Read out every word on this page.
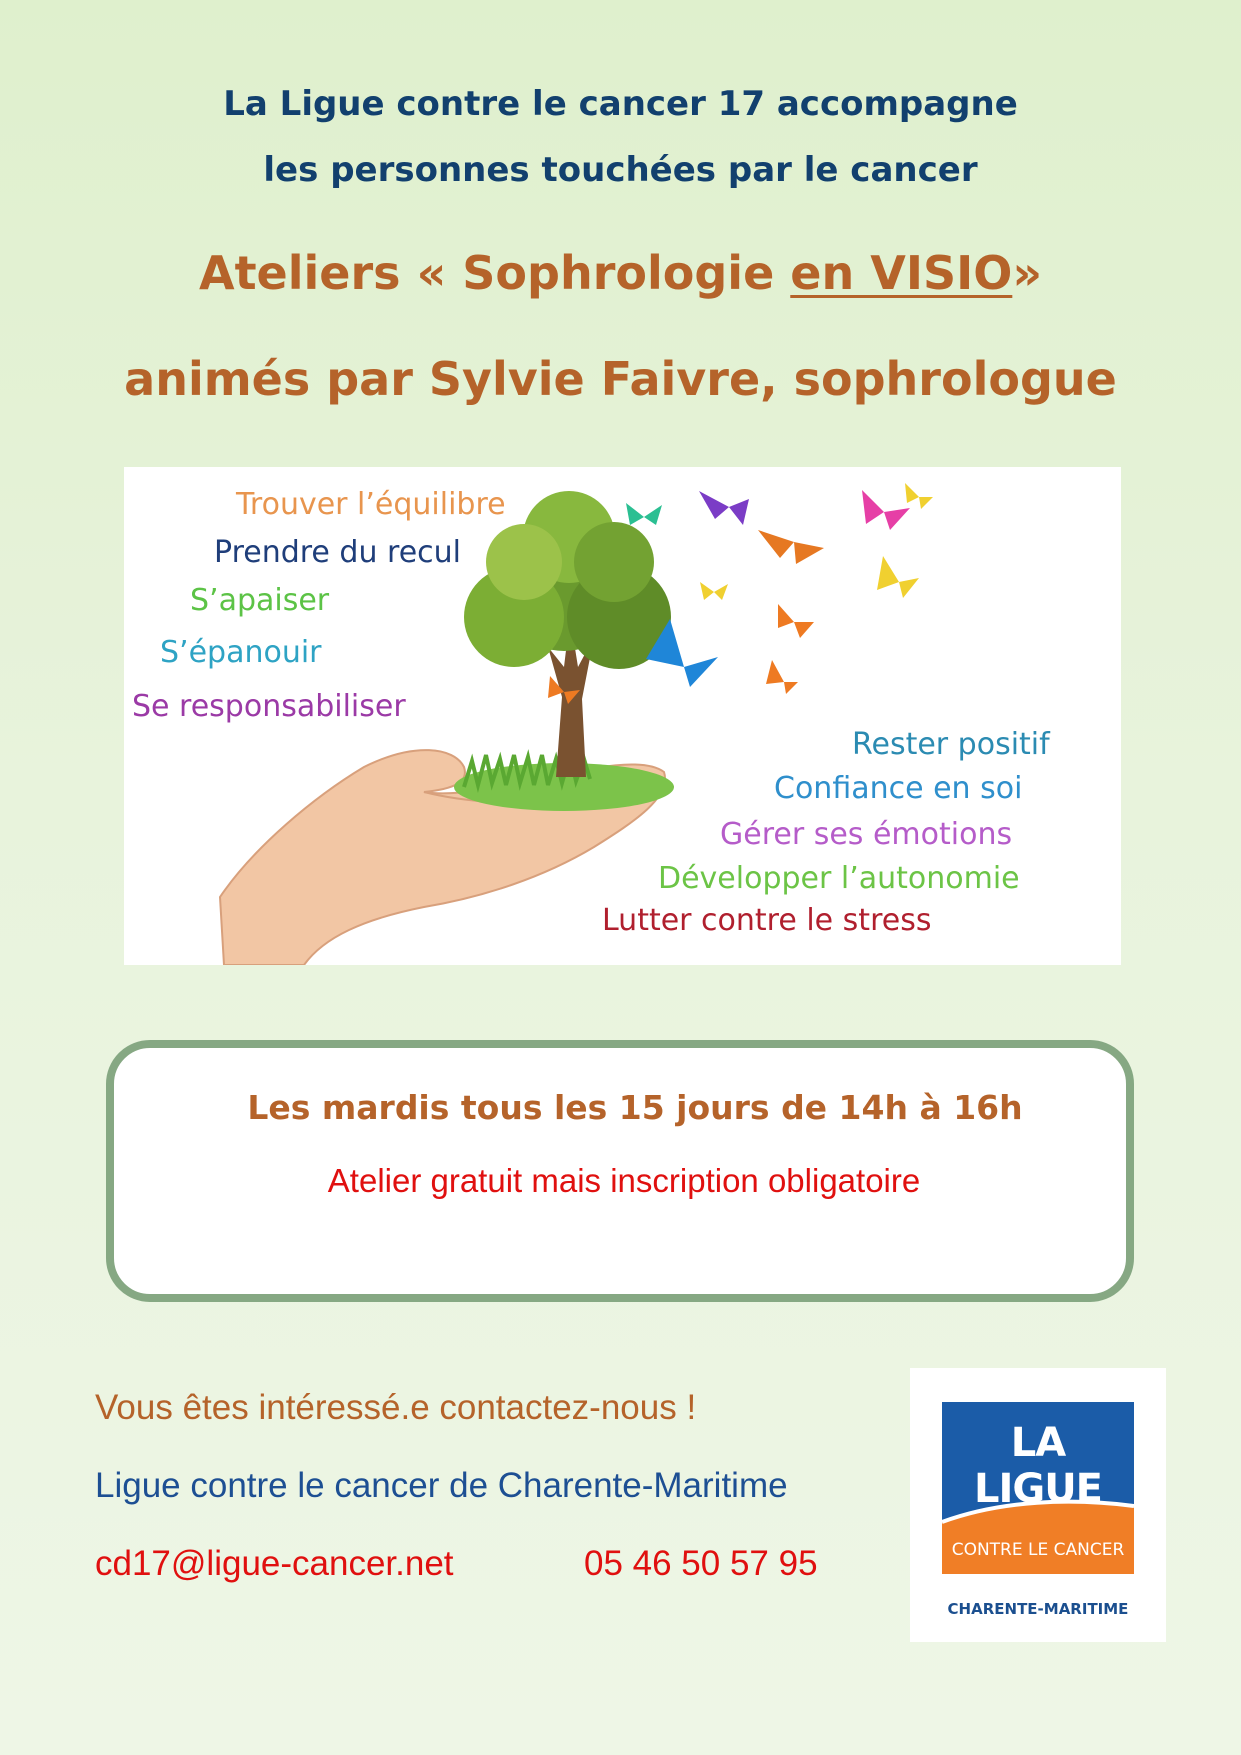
La Ligue contre le cancer 17 accompagne
les personnes touchées par le cancer
Ateliers « Sophrologie en VISIO»
animés par Sylvie Faivre, sophrologue
Trouver l’équilibre
Prendre du recul
S’apaiser
S’épanouir
Se responsabiliser
Rester positif
Confiance en soi
Gérer ses émotions
Développer l’autonomie
Lutter contre le stress
Les mardis tous les 15 jours de 14h à 16h
Atelier gratuit mais inscription obligatoire
Vous êtes intéressé.e contactez-nous !
Ligue contre le cancer de Charente-Maritime
cd17@ligue-cancer.net	05 46 50 57 95
LA LIGUE
CONTRE LE CANCER
CHARENTE-MARITIME
